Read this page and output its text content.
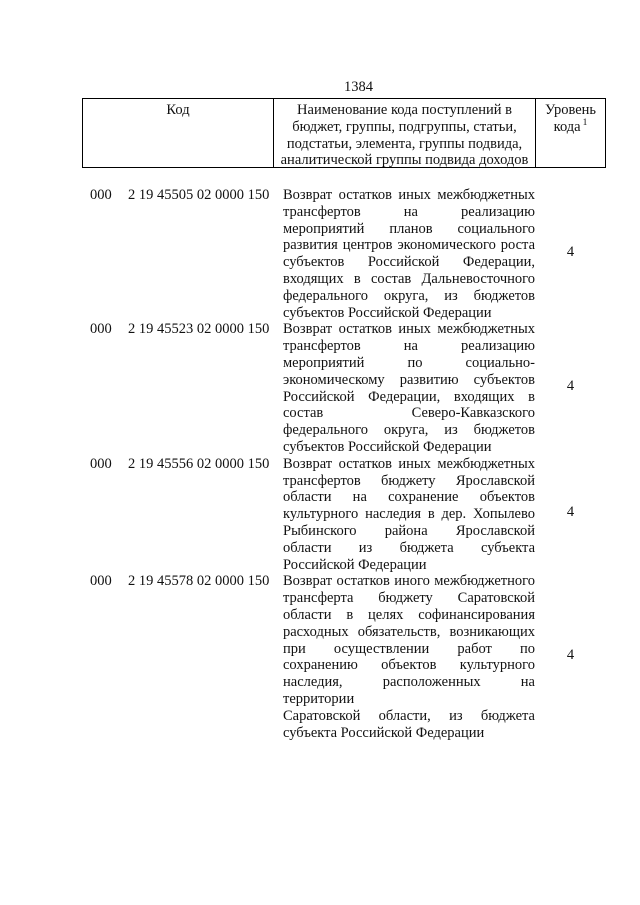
1384
Код	Наименование кода поступлений в
бюджет, группы, подгруппы, статьи,
подстатьи, элемента, группы подвида,
аналитической группы подвида доходов
Уровень
кода $^1$
000	2 19 45505 02 0000 150 Возврат остатков иных межбюджетных
трансфертов на реализацию
мероприятий планов социального
развития центров экономического роста
субъектов Российской Федерации,
входящих в состав Дальневосточного
федерального округа, из бюджетов
субъектов Российской Федерации
4
000	2 19 45523 02 0000 150 Возврат остатков иных межбюджетных
трансфертов на реализацию
мероприятий по социально-
экономическому развитию субъектов
Российской Федерации, входящих в
состав Северо-Кавказского
федерального округа, из бюджетов
субъектов Российской Федерации
4
000	2 19 45556 02 0000 150 Возврат остатков иных межбюджетных
трансфертов бюджету Ярославской
области на сохранение объектов
культурного наследия в дер. Хопылево
Рыбинского района Ярославской
области из бюджета субъекта
Российской Федерации
4
000	2 19 45578 02 0000 150 Возврат остатков иного межбюджетного
трансферта бюджету Саратовской
области в целях софинансирования
расходных обязательств, возникающих
при осуществлении работ по
сохранению объектов культурного
наследия, расположенных на территории
Саратовской области, из бюджета
субъекта Российской Федерации
4
